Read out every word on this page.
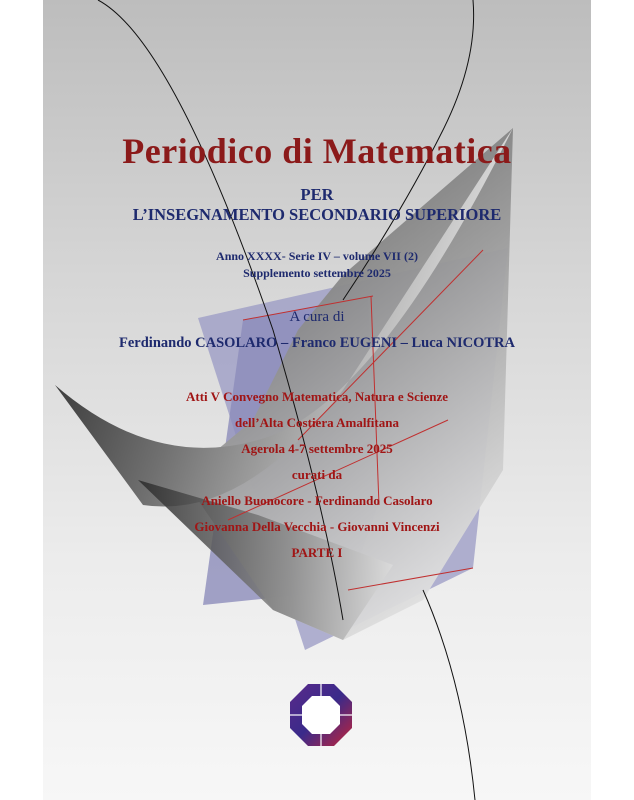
Periodico di Matematica
PER
L’INSEGNAMENTO SECONDARIO SUPERIORE
Anno XXXX- Serie IV – volume VII (2)
Supplemento settembre 2025
A cura di
Ferdinando CASOLARO – Franco EUGENI – Luca NICOTRA
Atti V Convegno Matematica, Natura e Scienze
dell’Alta Costiera Amalfitana
Agerola 4-7 settembre 2025
curati da
Aniello Buonocore - Ferdinando Casolaro
Giovanna Della Vecchia - Giovanni Vincenzi
PARTE I
